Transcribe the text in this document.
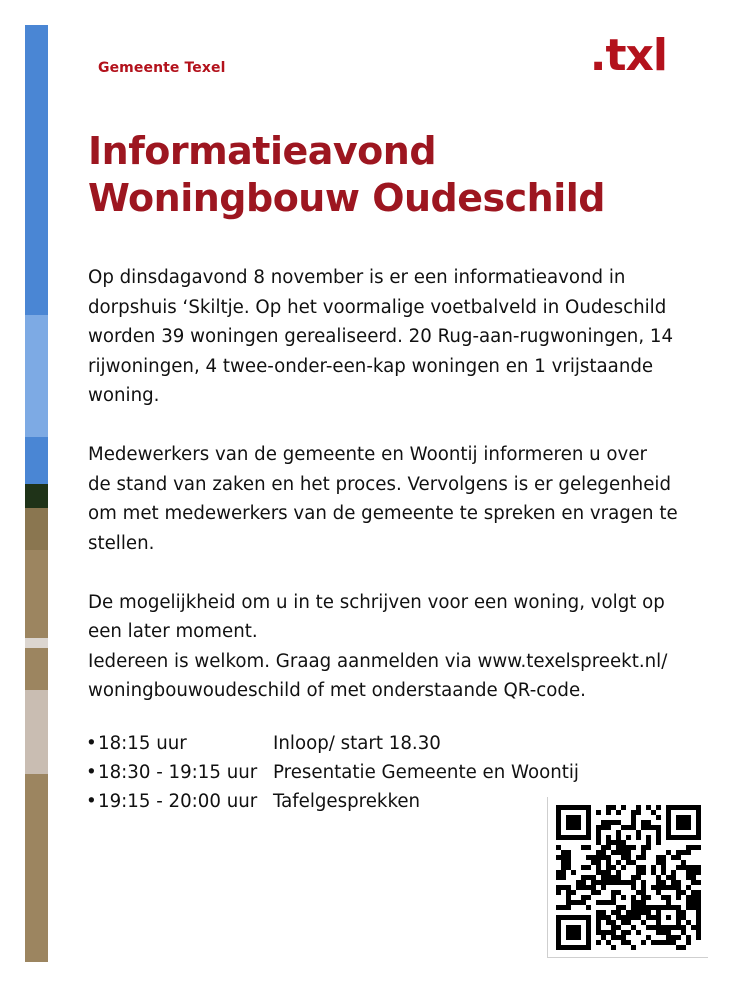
Gemeente Texel	.txl
Informatieavond
Woningbouw Oudeschild

Op dinsdagavond 8 november is er een informatieavond in
dorpshuis ‘Skiltje. Op het voormalige voetbalveld in Oudeschild
worden 39 woningen gerealiseerd. 20 Rug-aan-rugwoningen, 14
rijwoningen, 4 twee-onder-een-kap woningen en 1 vrijstaande
woning.

Medewerkers van de gemeente en Woontij informeren u over
de stand van zaken en het proces. Vervolgens is er gelegenheid
om met medewerkers van de gemeente te spreken en vragen te
stellen.

De mogelijkheid om u in te schrijven voor een woning, volgt op
een later moment.

Iedereen is welkom. Graag aanmelden via www.texelspreekt.nl/
woningbouwoudeschild of met onderstaande QR-code.

• 18:15 uur	Inloop/ start 18.30
• 18:30 - 19:15 uur Presentatie Gemeente en Woontij
• 19:15 - 20:00 uur Tafelgesprekken
